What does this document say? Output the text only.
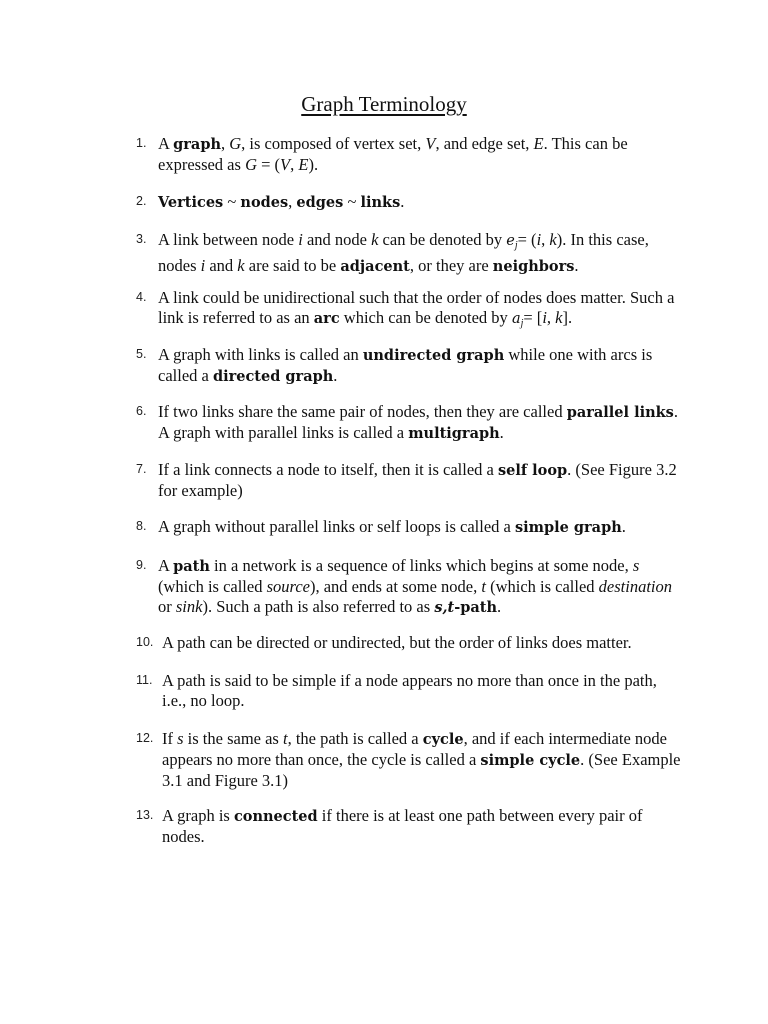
Graph Terminology
1. A graph, G, is composed of vertex set, V, and edge set, E. This can be expressed as G = (V, E).
2. Vertices ~ nodes, edges ~ links.
3. A link between node i and node k can be denoted by $e_j= (i$, k). In this case, nodes i and k are said to be adjacent, or they are neighbors.
4. A link could be unidirectional such that the order of nodes does matter. Such a link is referred to as an arc which can be denoted by $a_j= [i$, k].
5. A graph with links is called an undirected graph while one with arcs is called a directed graph.
6. If two links share the same pair of nodes, then they are called parallel links. A graph with parallel links is called a multigraph.
7. If a link connects a node to itself, then it is called a self loop. (See Figure 3.2 for example)
8. A graph without parallel links or self loops is called a simple graph.
9. A path in a network is a sequence of links which begins at some node, s (which is called source), and ends at some node, t (which is called destination or sink). Such a path is also referred to as s,t-path.
10. A path can be directed or undirected, but the order of links does matter.
11. A path is said to be simple if a node appears no more than once in the path, i.e., no loop.
12. If s is the same as t, the path is called a cycle, and if each intermediate node appears no more than once, the cycle is called a simple cycle. (See Example 3.1 and Figure 3.1)
13. A graph is connected if there is at least one path between every pair of nodes.
